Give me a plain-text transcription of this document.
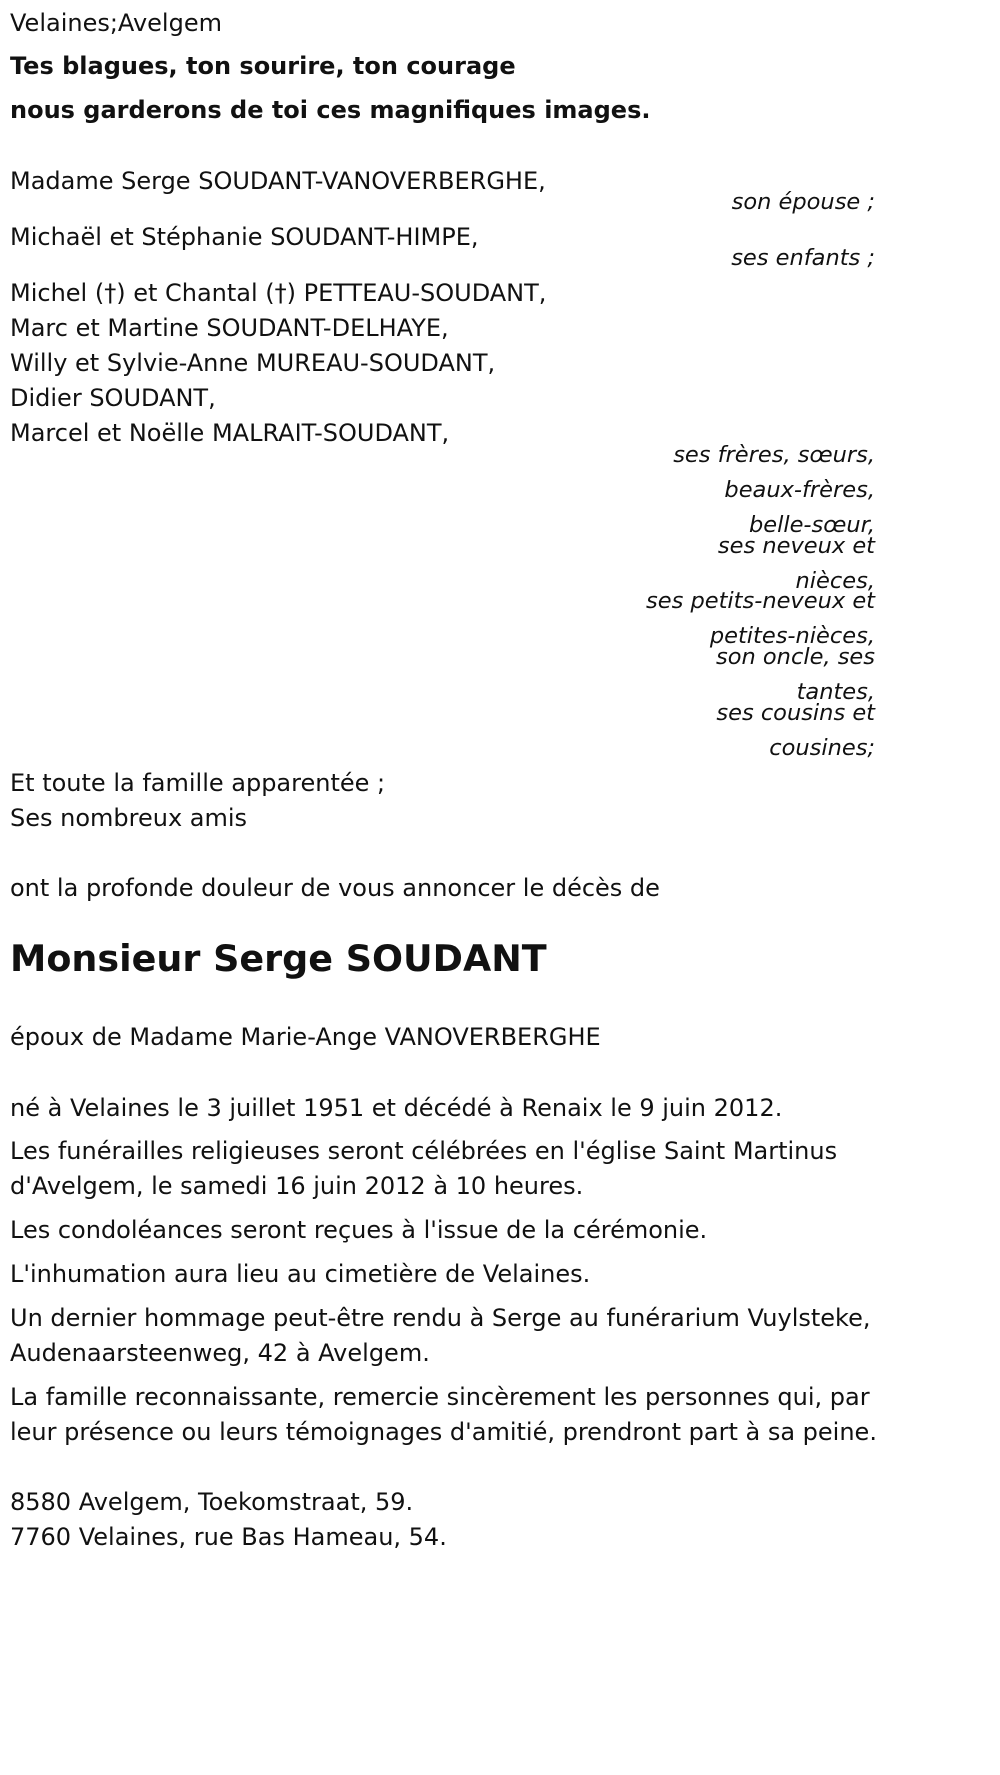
Velaines;Avelgem

Tes blagues, ton sourire, ton courage

nous garderons de toi ces magnifiques images.

Madame Serge SOUDANT-VANOVERBERGHE,

son épouse ;

Michaël et Stéphanie SOUDANT-HIMPE,

ses enfants ;

Michel (†) et Chantal (†) PETTEAU-SOUDANT,

Marc et Martine SOUDANT-DELHAYE,

Willy et Sylvie-Anne MUREAU-SOUDANT,

Didier SOUDANT,

Marcel et Noëlle MALRAIT-SOUDANT,

ses frères, sœurs,

beaux-frères,

belle-sœur,

ses neveux et

nièces,

ses petits-neveux et

petites-nièces,

son oncle, ses

tantes,

ses cousins et

cousines;

Et toute la famille apparentée ;

Ses nombreux amis

ont la profonde douleur de vous annoncer le décès de

Monsieur Serge SOUDANT

époux de Madame Marie-Ange VANOVERBERGHE

né à Velaines le 3 juillet 1951 et décédé à Renaix le 9 juin 2012.

Les funérailles religieuses seront célébrées en l'église Saint Martinus

d'Avelgem, le samedi 16 juin 2012 à 10 heures.

Les condoléances seront reçues à l'issue de la cérémonie.

L'inhumation aura lieu au cimetière de Velaines.

Un dernier hommage peut-être rendu à Serge au funérarium Vuylsteke,

Audenaarsteenweg, 42 à Avelgem.

La famille reconnaissante, remercie sincèrement les personnes qui, par

leur présence ou leurs témoignages d'amitié, prendront part à sa peine.

8580 Avelgem, Toekomstraat, 59.

7760 Velaines, rue Bas Hameau, 54.
